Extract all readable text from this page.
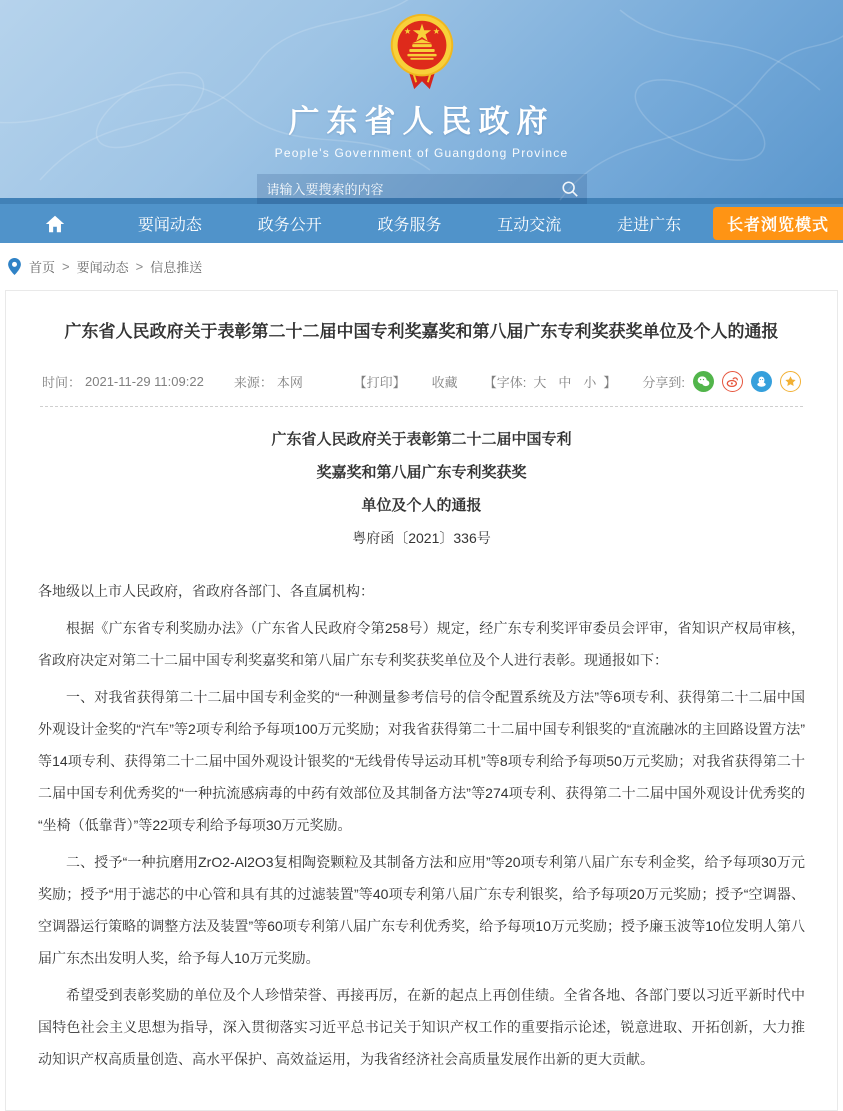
广东省人民政府
People's Government of Guangdong Province
请输入要搜索的内容
要闻动态	政务公开	政务服务	互动交流	走进广东	长者浏览模式
首页 > 要闻动态 > 信息推送
广东省人民政府关于表彰第二十二届中国专利奖嘉奖和第八届广东专利奖获奖单位及个人的通报
时间： 2021-11-29 11:09:22 来源： 本网	【打印】 收藏 【字体: 大 中 小 】 分享到:
广东省人民政府关于表彰第二十二届中国专利
奖嘉奖和第八届广东专利奖获奖
单位及个人的通报
粤府函〔2021〕336号

各地级以上市人民政府，省政府各部门、各直属机构：

根据《广东省专利奖励办法》（广东省人民政府令第258号）规定，经广东专利奖评审委员会评审，省知识产权局审核，省政府决定对第二十二届中国专利奖嘉奖和第八届广东专利奖获奖单位及个人进行表彰。现通报如下：

一、对我省获得第二十二届中国专利金奖的“一种测量参考信号的信令配置系统及方法”等6项专利、获得第二十二届中国外观设计金奖的“汽车”等2项专利给予每项100万元奖励；对我省获得第二十二届中国专利银奖的“直流融冰的主回路设置方法”等14项专利、获得第二十二届中国外观设计银奖的“无线骨传导运动耳机”等8项专利给予每项50万元奖励；对我省获得第二十二届中国专利优秀奖的“一种抗流感病毒的中药有效部位及其制备方法”等274项专利、获得第二十二届中国外观设计优秀奖的“坐椅（低靠背）”等22项专利给予每项30万元奖励。

二、授予“一种抗磨用ZrO2-Al2O3复相陶瓷颗粒及其制备方法和应用”等20项专利第八届广东专利金奖，给予每项30万元奖励；授予“用于滤芯的中心管和具有其的过滤装置”等40项专利第八届广东专利银奖，给予每项20万元奖励；授予“空调器、空调器运行策略的调整方法及装置”等60项专利第八届广东专利优秀奖，给予每项10万元奖励；授予廉玉波等10位发明人第八届广东杰出发明人奖，给予每人10万元奖励。

希望受到表彰奖励的单位及个人珍惜荣誉、再接再厉，在新的起点上再创佳绩。全省各地、各部门要以习近平新时代中国特色社会主义思想为指导，深入贯彻落实习近平总书记关于知识产权工作的重要指示论述，锐意进取、开拓创新，大力推动知识产权高质量创造、高水平保护、高效益运用，为我省经济社会高质量发展作出新的更大贡献。
